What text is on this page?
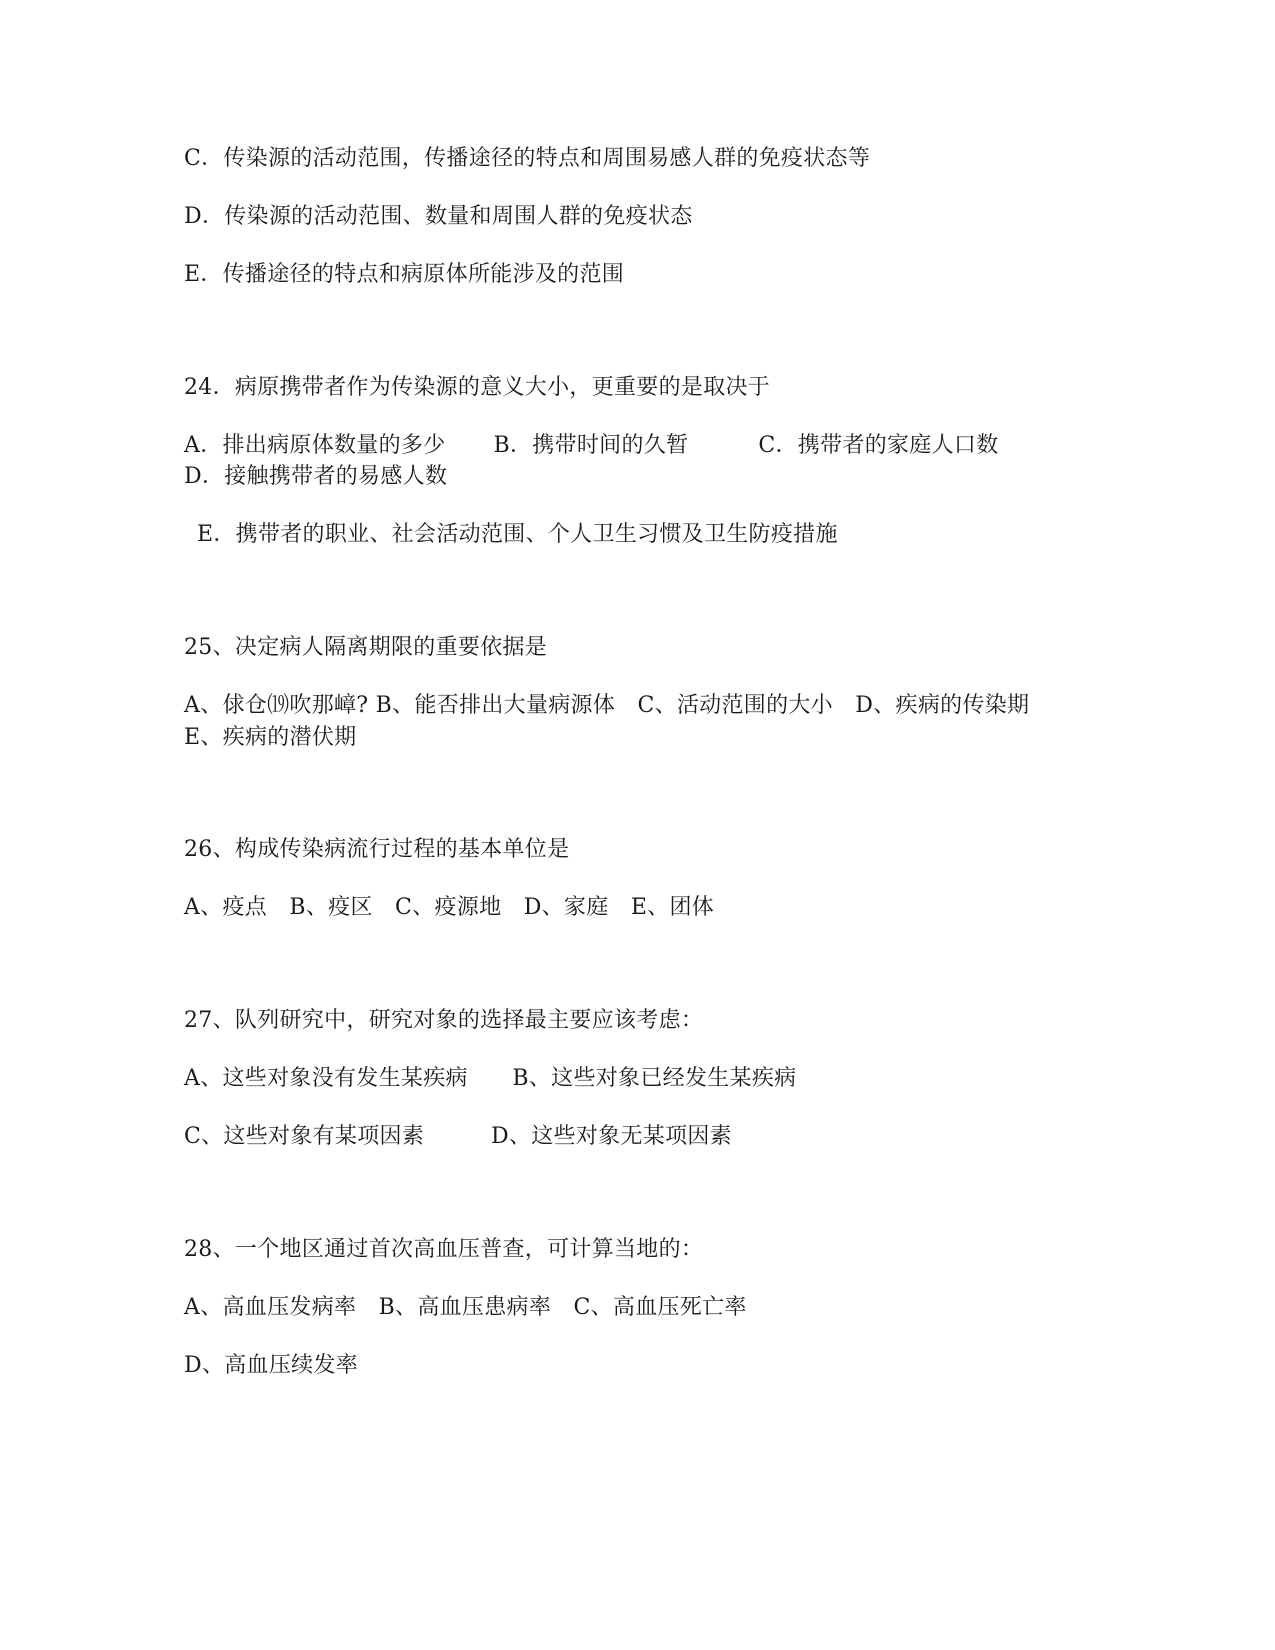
C．传染源的活动范围，传播途径的特点和周围易感人群的免疫状态等
D．传染源的活动范围、数量和周围人群的免疫状态
E．传播途径的特点和病原体所能涉及的范围
24．病原携带者作为传染源的意义大小，更重要的是取决于
A．排出病原体数量的多少 B．携带时间的久暂	C．携带者的家庭人口数
D．接触携带者的易感人数
E．携带者的职业、社会活动范围、个人卫生习惯及卫生防疫措施
25、决定病人隔离期限的重要依据是
A、俅仓⒆吹那嶂? B、能否排出大量病源体　C、活动范围的大小　D、疾病的传染期　E、疾病的潜伏期
26、构成传染病流行过程的基本单位是
A、疫点　B、疫区　C、疫源地　D、家庭　E、团体
27、队列研究中，研究对象的选择最主要应该考虑：
A、这些对象没有发生某疾病　　B、这些对象已经发生某疾病
C、这些对象有某项因素　　　D、这些对象无某项因素
28、一个地区通过首次高血压普查，可计算当地的：
A、高血压发病率　B、高血压患病率　C、高血压死亡率
D、高血压续发率
